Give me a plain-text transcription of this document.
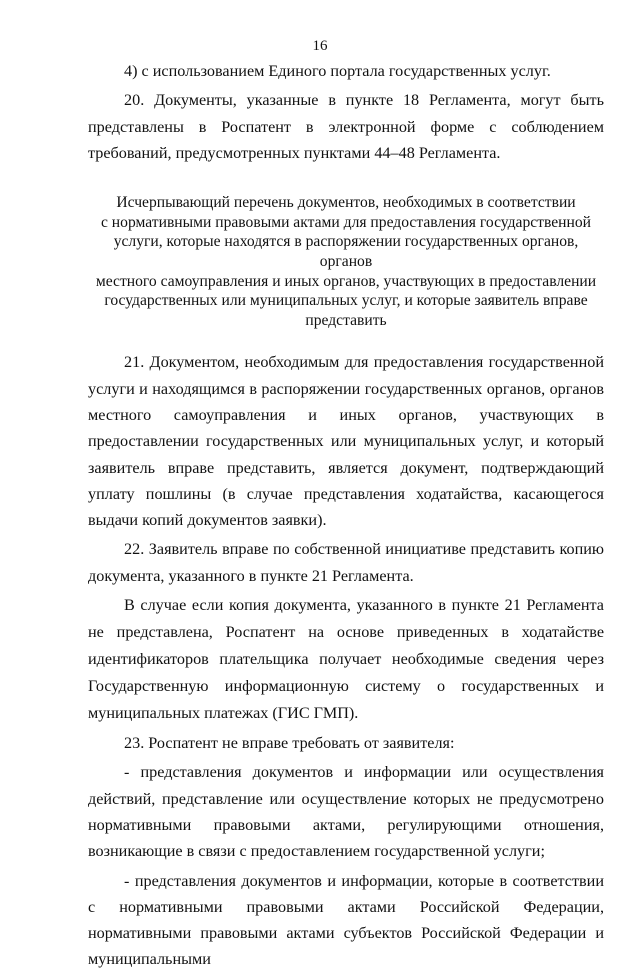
16

4) с использованием Единого портала государственных услуг.

20. Документы, указанные в пункте 18 Регламента, могут быть представлены в Роспатент в электронной форме с соблюдением требований, предусмотренных пунктами 44–48 Регламента.

Исчерпывающий перечень документов, необходимых в соответствии
с нормативными правовыми актами для предоставления государственной
услуги, которые находятся в распоряжении государственных органов, органов
местного самоуправления и иных органов, участвующих в предоставлении
государственных или муниципальных услуг, и которые заявитель вправе
представить

21. Документом, необходимым для предоставления государственной услуги и находящимся в распоряжении государственных органов, органов местного самоуправления и иных органов, участвующих в предоставлении государственных или муниципальных услуг, и который заявитель вправе представить, является документ, подтверждающий уплату пошлины (в случае представления ходатайства, касающегося выдачи копий документов заявки).

22. Заявитель вправе по собственной инициативе представить копию документа, указанного в пункте 21 Регламента.

В случае если копия документа, указанного в пункте 21 Регламента не представлена, Роспатент на основе приведенных в ходатайстве идентификаторов плательщика получает необходимые сведения через Государственную информационную систему о государственных и муниципальных платежах (ГИС ГМП).

23. Роспатент не вправе требовать от заявителя:

- представления документов и информации или осуществления действий, представление или осуществление которых не предусмотрено нормативными правовыми актами, регулирующими отношения, возникающие в связи с предоставлением государственной услуги;

- представления документов и информации, которые в соответствии с нормативными правовыми актами Российской Федерации, нормативными правовыми актами субъектов Российской Федерации и муниципальными
